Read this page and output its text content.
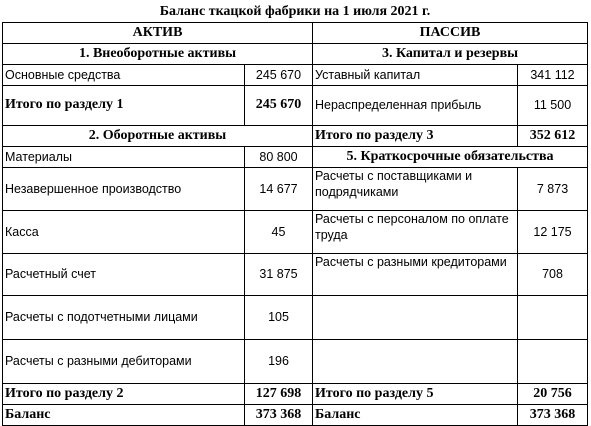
Баланс ткацкой фабрики на 1 июля 2021 г.			
АКТИВ		ПАССИВ	
1. Внеоборотные активы		3. Капитал и резервы	
Основные средства	245 670	Уставный капитал	341 112
Итого по разделу 1	245 670	Нераспределенная прибыль	11 500
2. Оборотные активы		Итого по разделу 3	352 612
Материалы	80 800	5. Краткосрочные обязательства	
Незавершенное производство	14 677	Расчеты с поставщиками и подрядчиками	7 873
Касса	45	Расчеты с персоналом по оплате труда	12 175
Расчетный счет	31 875	Расчеты с разными кредиторами	708
Расчеты с подотчетными лицами	105		
Расчеты с разными дебиторами	196		
Итого по разделу 2	127 698	Итого по разделу 5	20 756
Баланс	373 368	Баланс	373 368
